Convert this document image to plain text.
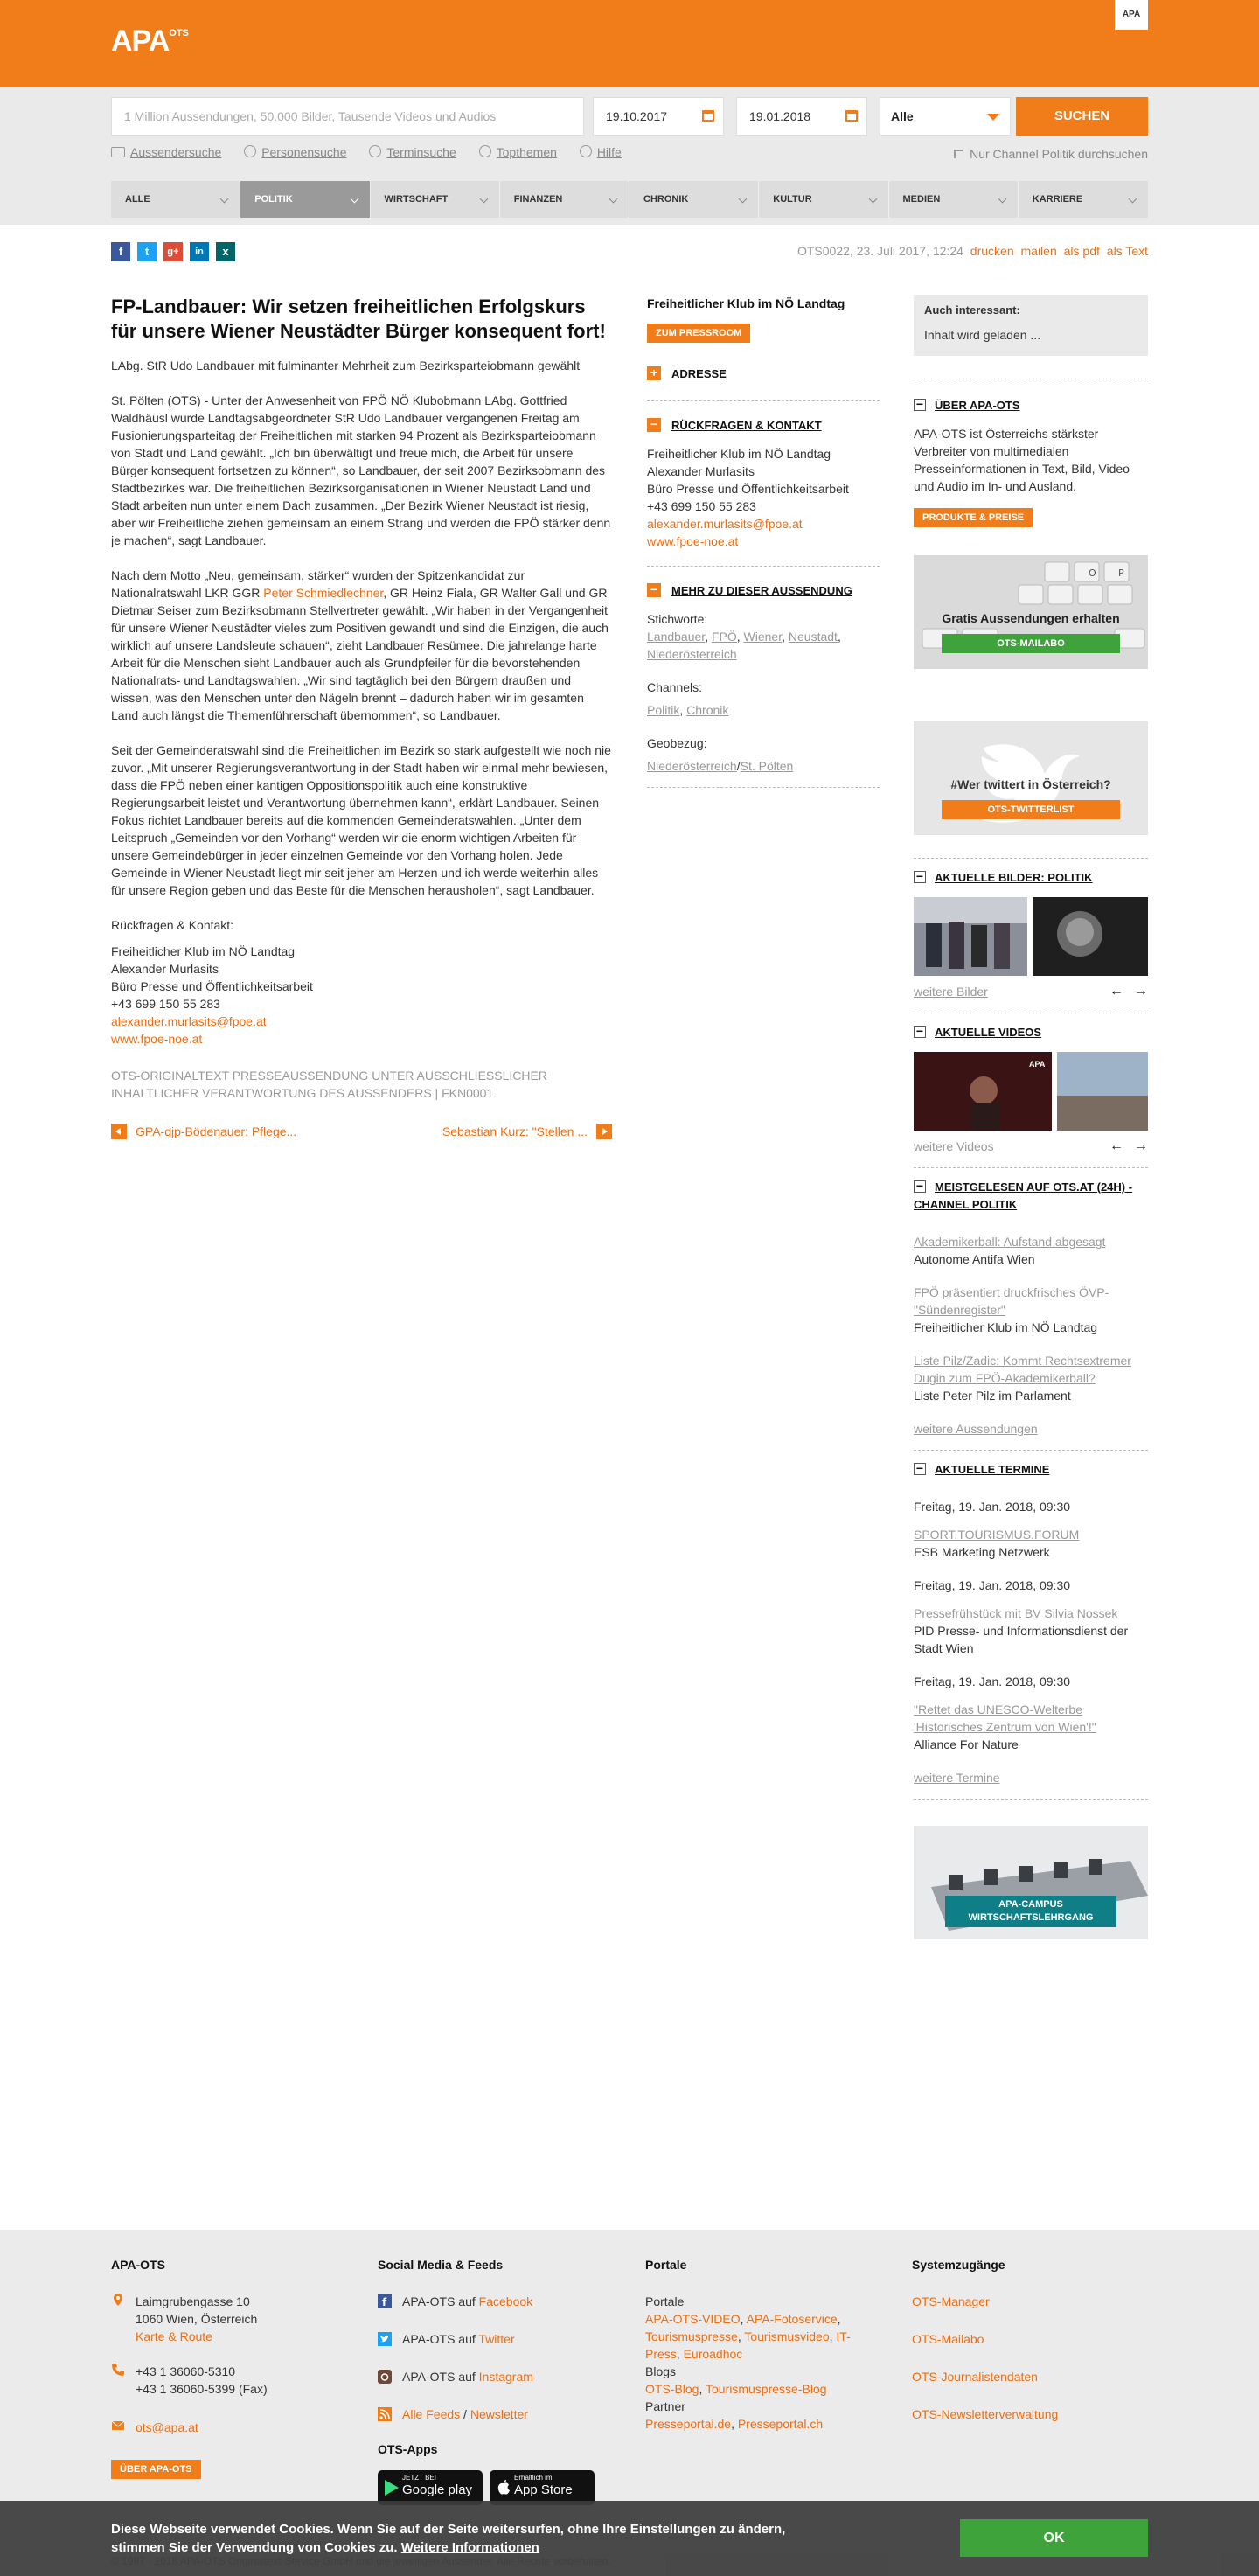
$APA^{OTS}$
APA
1 Million Aussendungen, 50.000 Bilder, Tausende Videos und Audios	19.10.2017	19.01.2018	Alle	SUCHEN
Aussendersuche	Personensuche	Terminsuche	Topthemen	Hilfe	Nur Channel Politik durchsuchen
ALLE	POLITIK	WIRTSCHAFT	FINANZEN	CHRONIK	KULTUR	MEDIEN	KARRIERE
f	t	g+	in	x	OTS0022, 23. Juli 2017, 12:24 drucken mailen als pdf als Text
FP-Landbauer: Wir setzen freiheitlichen Erfolgskurs für unsere Wiener Neustädter Bürger konsequent fort!

LAbg. StR Udo Landbauer mit fulminanter Mehrheit zum Bezirksparteiobmann gewählt

St. Pölten (OTS) - Unter der Anwesenheit von FPÖ NÖ Klubobmann LAbg. Gottfried Waldhäusl wurde Landtagsabgeordneter StR Udo Landbauer vergangenen Freitag am Fusionierungsparteitag der Freiheitlichen mit starken 94 Prozent als Bezirksparteiobmann von Stadt und Land gewählt. „Ich bin überwältigt und freue mich, die Arbeit für unsere Bürger konsequent fortsetzen zu können“, so Landbauer, der seit 2007 Bezirksobmann des Stadtbezirkes war. Die freiheitlichen Bezirksorganisationen in Wiener Neustadt Land und Stadt arbeiten nun unter einem Dach zusammen. „Der Bezirk Wiener Neustadt ist riesig, aber wir Freiheitliche ziehen gemeinsam an einem Strang und werden die FPÖ stärker denn je machen“, sagt Landbauer.

Nach dem Motto „Neu, gemeinsam, stärker“ wurden der Spitzenkandidat zur Nationalratswahl LKR GGR Peter Schmiedlechner, GR Heinz Fiala, GR Walter Gall und GR Dietmar Seiser zum Bezirksobmann Stellvertreter gewählt. „Wir haben in der Vergangenheit für unsere Wiener Neustädter vieles zum Positiven gewandt und sind die Einzigen, die auch wirklich auf unsere Landsleute schauen“, zieht Landbauer Resümee. Die jahrelange harte Arbeit für die Menschen sieht Landbauer auch als Grundpfeiler für die bevorstehenden Nationalrats- und Landtagswahlen. „Wir sind tagtäglich bei den Bürgern draußen und wissen, was den Menschen unter den Nägeln brennt – dadurch haben wir im gesamten Land auch längst die Themenführerschaft übernommen“, so Landbauer.

Seit der Gemeinderatswahl sind die Freiheitlichen im Bezirk so stark aufgestellt wie noch nie zuvor. „Mit unserer Regierungsverantwortung in der Stadt haben wir einmal mehr bewiesen, dass die FPÖ neben einer kantigen Oppositionspolitik auch eine konstruktive Regierungsarbeit leistet und Verantwortung übernehmen kann“, erklärt Landbauer. Seinen Fokus richtet Landbauer bereits auf die kommenden Gemeinderatswahlen. „Unter dem Leitspruch „Gemeinden vor den Vorhang“ werden wir die enorm wichtigen Arbeiten für unsere Gemeindebürger in jeder einzelnen Gemeinde vor den Vorhang holen. Jede Gemeinde in Wiener Neustadt liegt mir seit jeher am Herzen und ich werde weiterhin alles für unsere Region geben und das Beste für die Menschen herausholen“, sagt Landbauer.

Rückfragen & Kontakt:

Freiheitlicher Klub im NÖ Landtag

Alexander Murlasits

Büro Presse und Öffentlichkeitsarbeit

+43 699 150 55 283

alexander.murlasits@fpoe.at

www.fpoe-noe.at

OTS-ORIGINALTEXT PRESSEAUSSENDUNG UNTER AUSSCHLIESSLICHER INHALTLICHER VERANTWORTUNG DES AUSSENDERS | FKN0001

GPA-djp-Bödenauer: Pflege...	Sebastian Kurz: "Stellen ...
Freiheitlicher Klub im NÖ Landtag
ZUM PRESSROOM
+ ADRESSE
− RÜCKFRAGEN & KONTAKT
Freiheitlicher Klub im NÖ Landtag
Alexander Murlasits
Büro Presse und Öffentlichkeitsarbeit
+43 699 150 55 283
alexander.murlasits@fpoe.at
www.fpoe-noe.at
− MEHR ZU DIESER AUSSENDUNG
Stichworte:
Landbauer, FPÖ, Wiener, Neustadt,
Niederösterreich
Channels:
Politik, Chronik
Geobezug:
Niederösterreich/St. Pölten
Auch interessant:
Inhalt wird geladen ...
− ÜBER APA-OTS
APA-OTS ist Österreichs stärkster Verbreiter von multimedialen Presseinformationen in Text, Bild, Video und Audio im In- und Ausland.
PRODUKTE & PREISE
O P
Gratis Aussendungen erhalten
OTS-MAILABO
#Wer twittert in Österreich?
OTS-TWITTERLIST
− AKTUELLE BILDER: POLITIK
weitere Bilder	← →
− AKTUELLE VIDEOS
APA
weitere Videos	← →
− MEISTGELESEN AUF OTS.AT (24H) - CHANNEL POLITIK
Akademikerball: Aufstand abgesagt
Autonome Antifa Wien
FPÖ präsentiert druckfrisches ÖVP-"Sündenregister"
Freiheitlicher Klub im NÖ Landtag
Liste Pilz/Zadic: Kommt Rechtsextremer Dugin zum FPÖ-Akademikerball?
Liste Peter Pilz im Parlament
weitere Aussendungen
− AKTUELLE TERMINE
Freitag, 19. Jan. 2018, 09:30
SPORT.TOURISMUS.FORUM
ESB Marketing Netzwerk
Freitag, 19. Jan. 2018, 09:30
Pressefrühstück mit BV Silvia Nossek
PID Presse- und Informationsdienst der Stadt Wien
Freitag, 19. Jan. 2018, 09:30
"Rettet das UNESCO-Welterbe 'Historisches Zentrum von Wien'!"
Alliance For Nature
weitere Termine
APA-CAMPUS
WIRTSCHAFTSLEHRGANG
APA-OTS
Laimgrubengasse 10
1060 Wien, Österreich
Karte & Route
+43 1 36060-5310
+43 1 36060-5399 (Fax)
ots@apa.at
ÜBER APA-OTS
Social Media & Feeds
f APA-OTS auf Facebook
APA-OTS auf Twitter
APA-OTS auf Instagram
Alle Feeds / Newsletter
OTS-Apps
JETZT BEI
Google play
Erhältlich im
App Store
Portale
Portale
APA-OTS-VIDEO, APA-Fotoservice,
Tourismuspresse, Tourismusvideo, IT-Press, Euroadhoc
Blogs
OTS-Blog, Tourismuspresse-Blog
Partner
Presseportal.de, Presseportal.ch
Systemzugänge
OTS-Manager
OTS-Mailabo
OTS-Journalistendaten
OTS-Newsletterverwaltung
Diese Webseite verwendet Cookies. Wenn Sie auf der Seite weitersurfen, ohne Ihre Einstellungen zu ändern, stimmen Sie der Verwendung von Cookies zu. Weitere Informationen
OK
